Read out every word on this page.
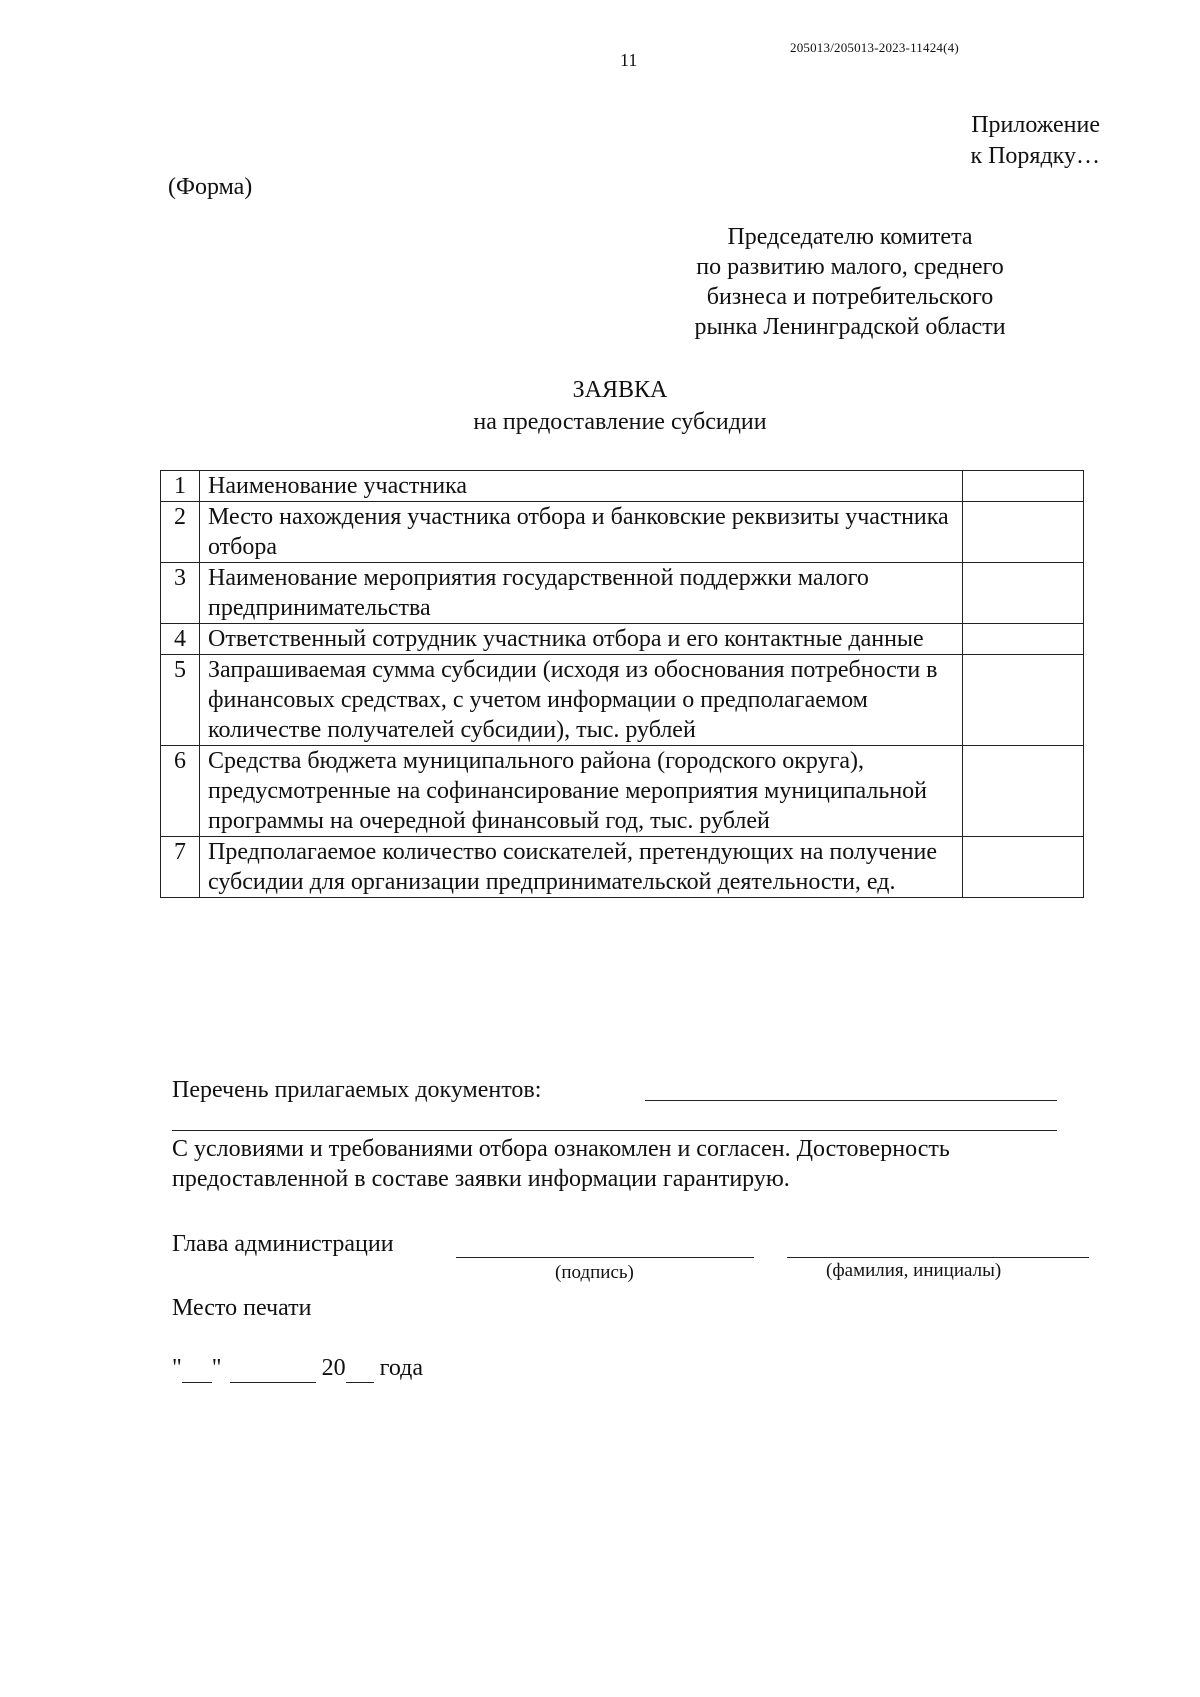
205013/205013-2023-11424(4)
11
Приложение
к Порядку…
(Форма)
Председателю комитета
по развитию малого, среднего
бизнеса и потребительского
рынка Ленинградской области
ЗАЯВКА
на предоставление субсидии
1	Наименование участника	
2	Место нахождения участника отбора и банковские реквизиты участника отбора	
3	Наименование мероприятия государственной поддержки малого предпринимательства	
4	Ответственный сотрудник участника отбора и его контактные данные	
5	Запрашиваемая сумма субсидии (исходя из обоснования потребности в финансовых средствах, с учетом информации о предполагаемом количестве получателей субсидии), тыс. рублей	
6	Средства бюджета муниципального района (городского округа), предусмотренные на софинансирование мероприятия муниципальной программы на очередной финансовый год, тыс. рублей	
7	Предполагаемое количество соискателей, претендующих на получение субсидии для организации предпринимательской деятельности, ед.	
Перечень прилагаемых документов:
С условиями и требованиями отбора ознакомлен и согласен. Достоверность предоставленной в составе заявки информации гарантирую.
Глава администрации
(подпись)	(фамилия, инициалы)
Место печати
" "	20 года
